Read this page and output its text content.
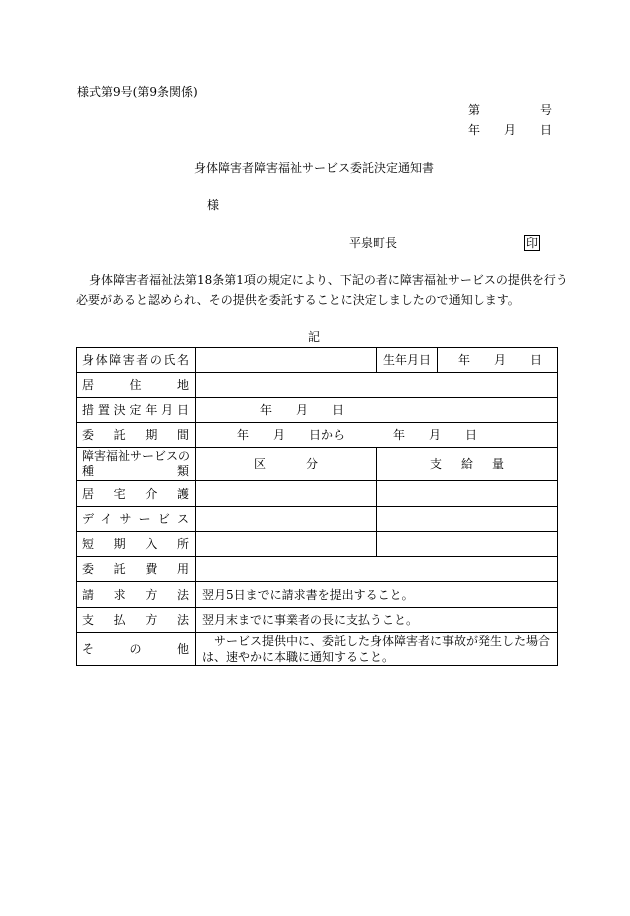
様式第9号(第9条関係)
第　　　　　号
年　　月　　日
身体障害者障害福祉サービス委託決定通知書
様
平泉町長	印
　身体障害者福祉法第18条第1項の規定により、下記の者に障害福祉サービスの提供を行う
必要があると認められ、その提供を委託することに決定しましたので通知します。
記
身体障害者の氏名		生年月日	年　　月　　日
居住地			
措置決定年月日	年　　月　　日		
委託期間	年　　月　　日から　　　　年　　月　　日		

障害福祉サービスの
種類	区分	支給量	
居宅介護			
デイサービス			
短期入所			
委託費用			
請求方法	翌月5日までに請求書を提出すること。		
支払方法	翌月末までに事業者の長に支払うこと。		
その他	　サービス提供中に、委託した身体障害者に事故が発生した場合
は、速やかに本職に通知すること。		
